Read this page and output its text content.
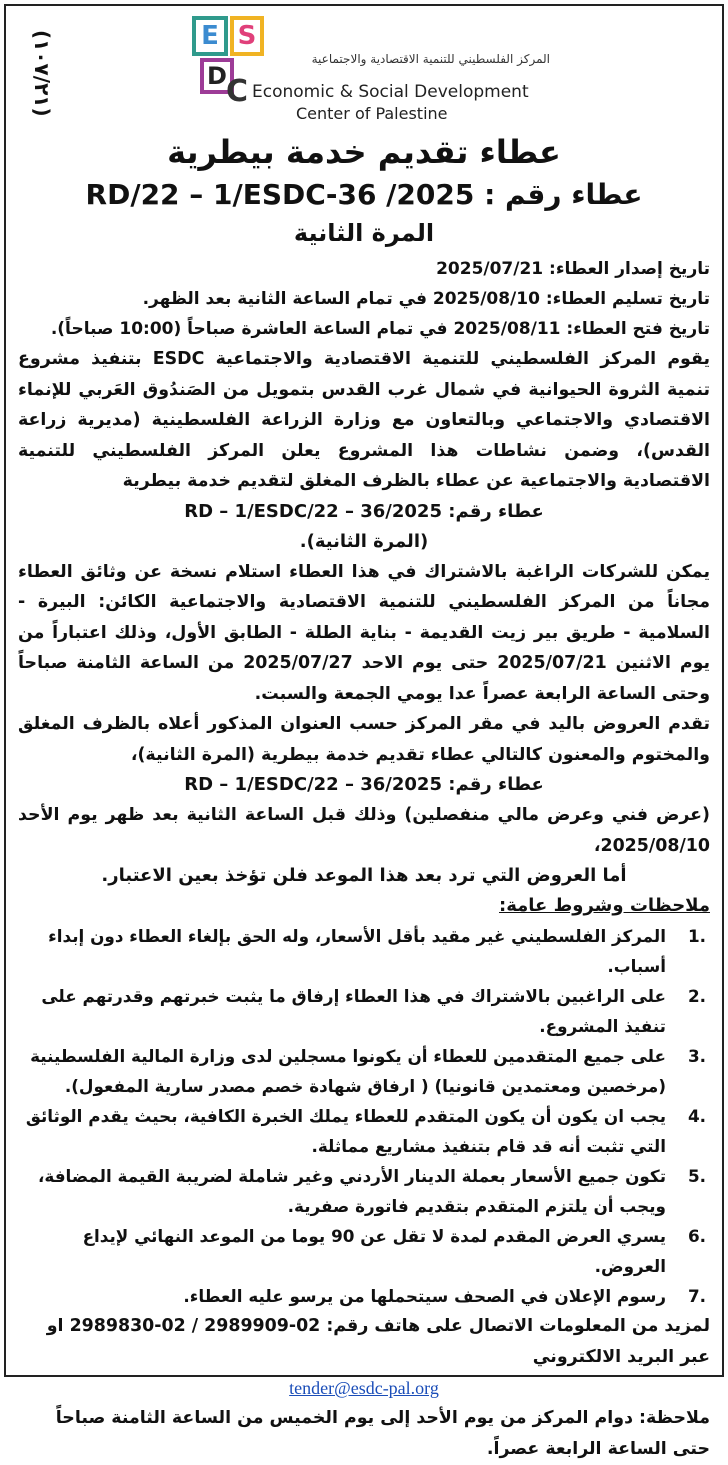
(١٠٧/٢١)
E S
D C
المركز الفلسطيني للتنمية الاقتصادية والاجتماعية
Economic & Social Development
Center of Palestine
عطاء تقديم خدمة بيطرية
عطاء رقم : 2025/ 36-RD/22 – 1/ESDC
المرة الثانية
تاريخ إصدار العطاء: 2025/07/21
تاريخ تسليم العطاء: 2025/08/10 في تمام الساعة الثانية بعد الظهر.
تاريخ فتح العطاء: 2025/08/11 في تمام الساعة العاشرة صباحاً (10:00 صباحاً).
يقوم المركز الفلسطيني للتنمية الاقتصادية والاجتماعية ESDC بتنفيذ مشروع تنمية الثروة الحيوانية في شمال غرب القدس بتمويل من الصَندُوق العَربي للإنماء الاقتصادي والاجتماعي وبالتعاون مع وزارة الزراعة الفلسطينية (مديرية زراعة القدس)، وضمن نشاطات هذا المشروع يعلن المركز الفلسطيني للتنمية الاقتصادية والاجتماعية عن عطاء بالظرف المغلق لتقديم خدمة بيطرية
عطاء رقم: 36/2025 – 22/RD – 1/ESDC
(المرة الثانية).
يمكن للشركات الراغبة بالاشتراك في هذا العطاء استلام نسخة عن وثائق العطاء مجاناً من المركز الفلسطيني للتنمية الاقتصادية والاجتماعية الكائن: البيرة - السلامية - طريق بير زيت القديمة - بناية الطلة - الطابق الأول، وذلك اعتباراً من يوم الاثنين 2025/07/21 حتى يوم الاحد 2025/07/27 من الساعة الثامنة صباحاً وحتى الساعة الرابعة عصراً عدا يومي الجمعة والسبت.
تقدم العروض باليد في مقر المركز حسب العنوان المذكور أعلاه بالظرف المغلق والمختوم والمعنون كالتالي عطاء تقديم خدمة بيطرية (المرة الثانية)،
عطاء رقم: 36/2025 – 22/RD – 1/ESDC
(عرض فني وعرض مالي منفصلين) وذلك قبل الساعة الثانية بعد ظهر يوم الأحد 2025/08/10،
أما العروض التي ترد بعد هذا الموعد فلن تؤخذ بعين الاعتبار.
ملاحظات وشروط عامة:
.1
المركز الفلسطيني غير مقيد بأقل الأسعار، وله الحق بإلغاء العطاء دون إبداء أسباب.
.2
على الراغبين بالاشتراك في هذا العطاء إرفاق ما يثبت خبرتهم وقدرتهم على تنفيذ المشروع.
.3
على جميع المتقدمين للعطاء أن يكونوا مسجلين لدى وزارة المالية الفلسطينية (مرخصين ومعتمدين قانونيا) ( ارفاق شهادة خصم مصدر سارية المفعول).
.4
يجب ان يكون أن يكون المتقدم للعطاء يملك الخبرة الكافية، بحيث يقدم الوثائق التي تثبت أنه قد قام بتنفيذ مشاريع مماثلة.
.5
تكون جميع الأسعار بعملة الدينار الأردني وغير شاملة لضريبة القيمة المضافة، ويجب أن يلتزم المتقدم بتقديم فاتورة صفرية.
.6
يسري العرض المقدم لمدة لا تقل عن 90 يوما من الموعد النهائي لإيداع العروض.
.7
رسوم الإعلان في الصحف سيتحملها من يرسو عليه العطاء.
لمزيد من المعلومات الاتصال على هاتف رقم: 02-2989909 / 02-2989830 او عبر البريد الالكتروني
tender@esdc-pal.org
ملاحظة: دوام المركز من يوم الأحد إلى يوم الخميس من الساعة الثامنة صباحاً حتى الساعة الرابعة عصراً.
